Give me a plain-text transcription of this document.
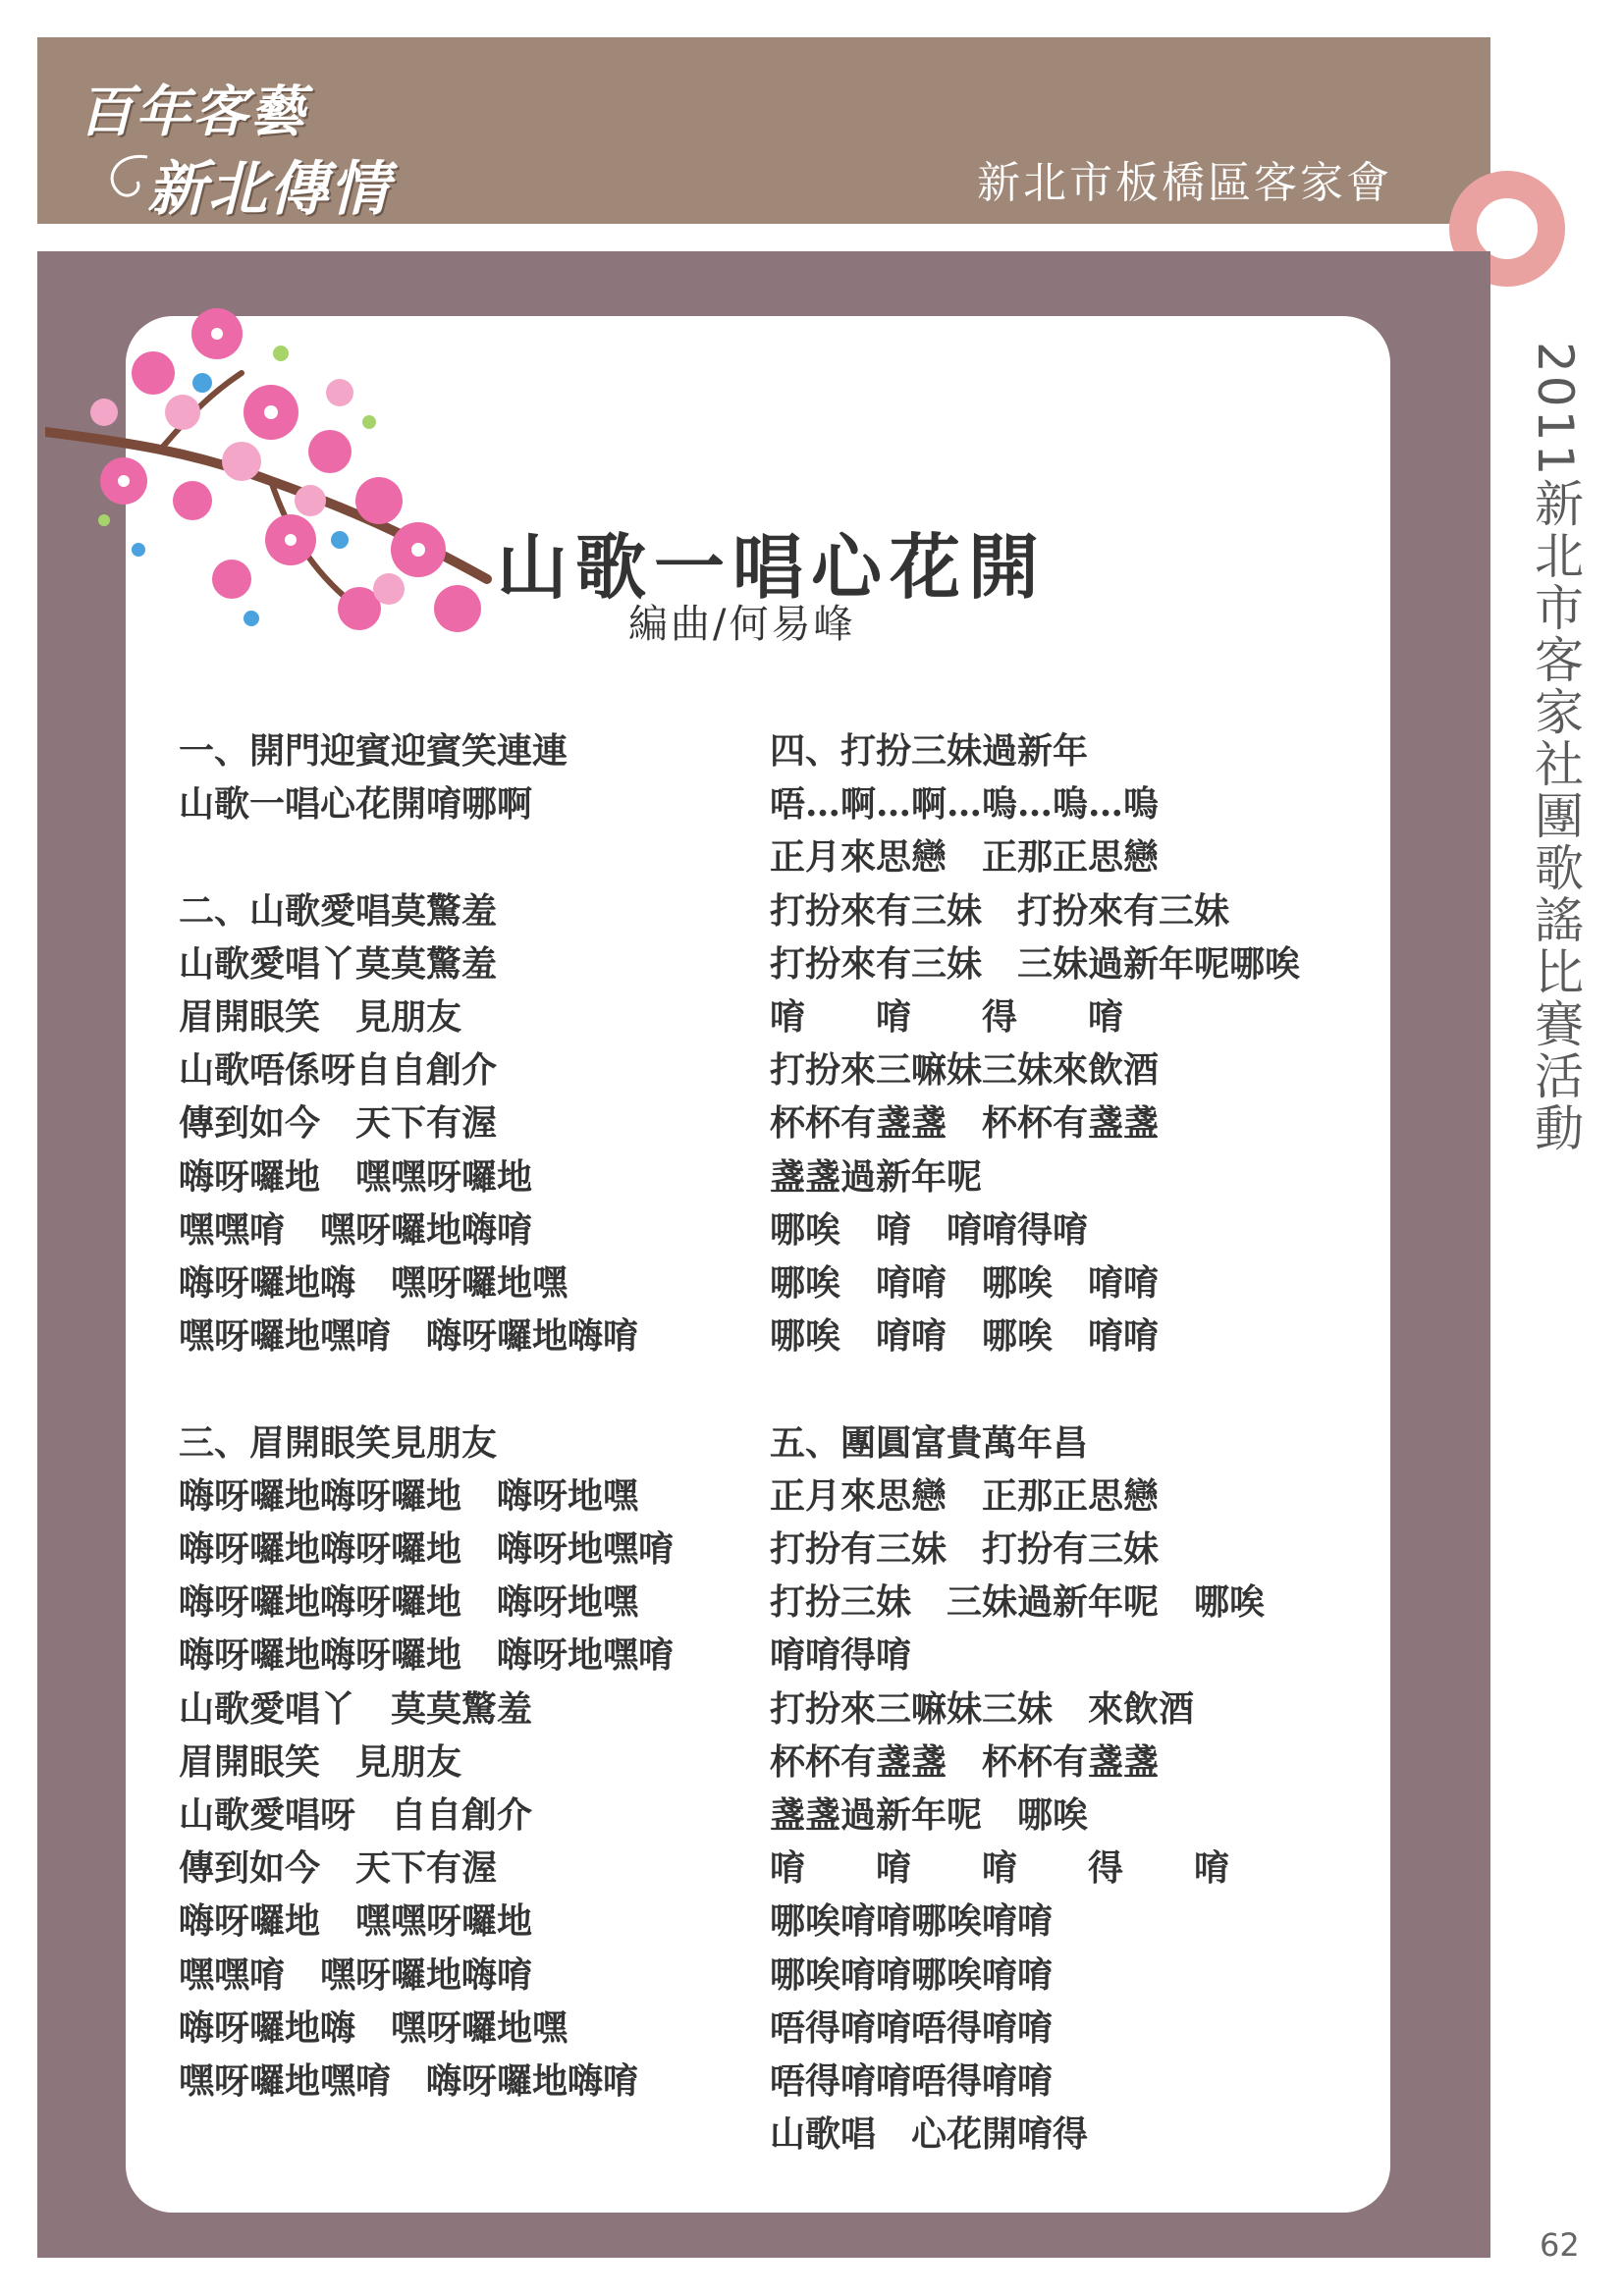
百年客藝
新北傳情	新北市板橋區客家會
2011新北市客家社團歌謠比賽活動
62
山歌一唱心花開
編曲/何易峰
一、開門迎賓迎賓笑連連
山歌一唱心花開唷哪啊
二、山歌愛唱莫驚羞
山歌愛唱丫莫莫驚羞
眉開眼笑　見朋友
山歌唔係呀自自創介
傳到如今　天下有渥
嗨呀囉地　嘿嘿呀囉地
嘿嘿唷　嘿呀囉地嗨唷
嗨呀囉地嗨　嘿呀囉地嘿
嘿呀囉地嘿唷　嗨呀囉地嗨唷
三、眉開眼笑見朋友
嗨呀囉地嗨呀囉地　嗨呀地嘿
嗨呀囉地嗨呀囉地　嗨呀地嘿唷
嗨呀囉地嗨呀囉地　嗨呀地嘿
嗨呀囉地嗨呀囉地　嗨呀地嘿唷
山歌愛唱丫　莫莫驚羞
眉開眼笑　見朋友
山歌愛唱呀　自自創介
傳到如今　天下有渥
嗨呀囉地　嘿嘿呀囉地
嘿嘿唷　嘿呀囉地嗨唷
嗨呀囉地嗨　嘿呀囉地嘿
嘿呀囉地嘿唷　嗨呀囉地嗨唷
四、打扮三妹過新年
唔…啊…啊…嗚…嗚…嗚
正月來思戀　正那正思戀
打扮來有三妹　打扮來有三妹
打扮來有三妹　三妹過新年呢哪唉
唷　　唷　　得　　唷
打扮來三嘛妹三妹來飲酒
杯杯有盞盞　杯杯有盞盞
盞盞過新年呢
哪唉　唷　唷唷得唷
哪唉　唷唷　哪唉　唷唷
哪唉　唷唷　哪唉　唷唷
五、團圓富貴萬年昌
正月來思戀　正那正思戀
打扮有三妹　打扮有三妹
打扮三妹　三妹過新年呢　哪唉
唷唷得唷
打扮來三嘛妹三妹　來飲酒
杯杯有盞盞　杯杯有盞盞
盞盞過新年呢　哪唉
唷　　唷　　唷　　得　　唷
哪唉唷唷哪唉唷唷
哪唉唷唷哪唉唷唷
唔得唷唷唔得唷唷
唔得唷唷唔得唷唷
山歌唱　心花開唷得
